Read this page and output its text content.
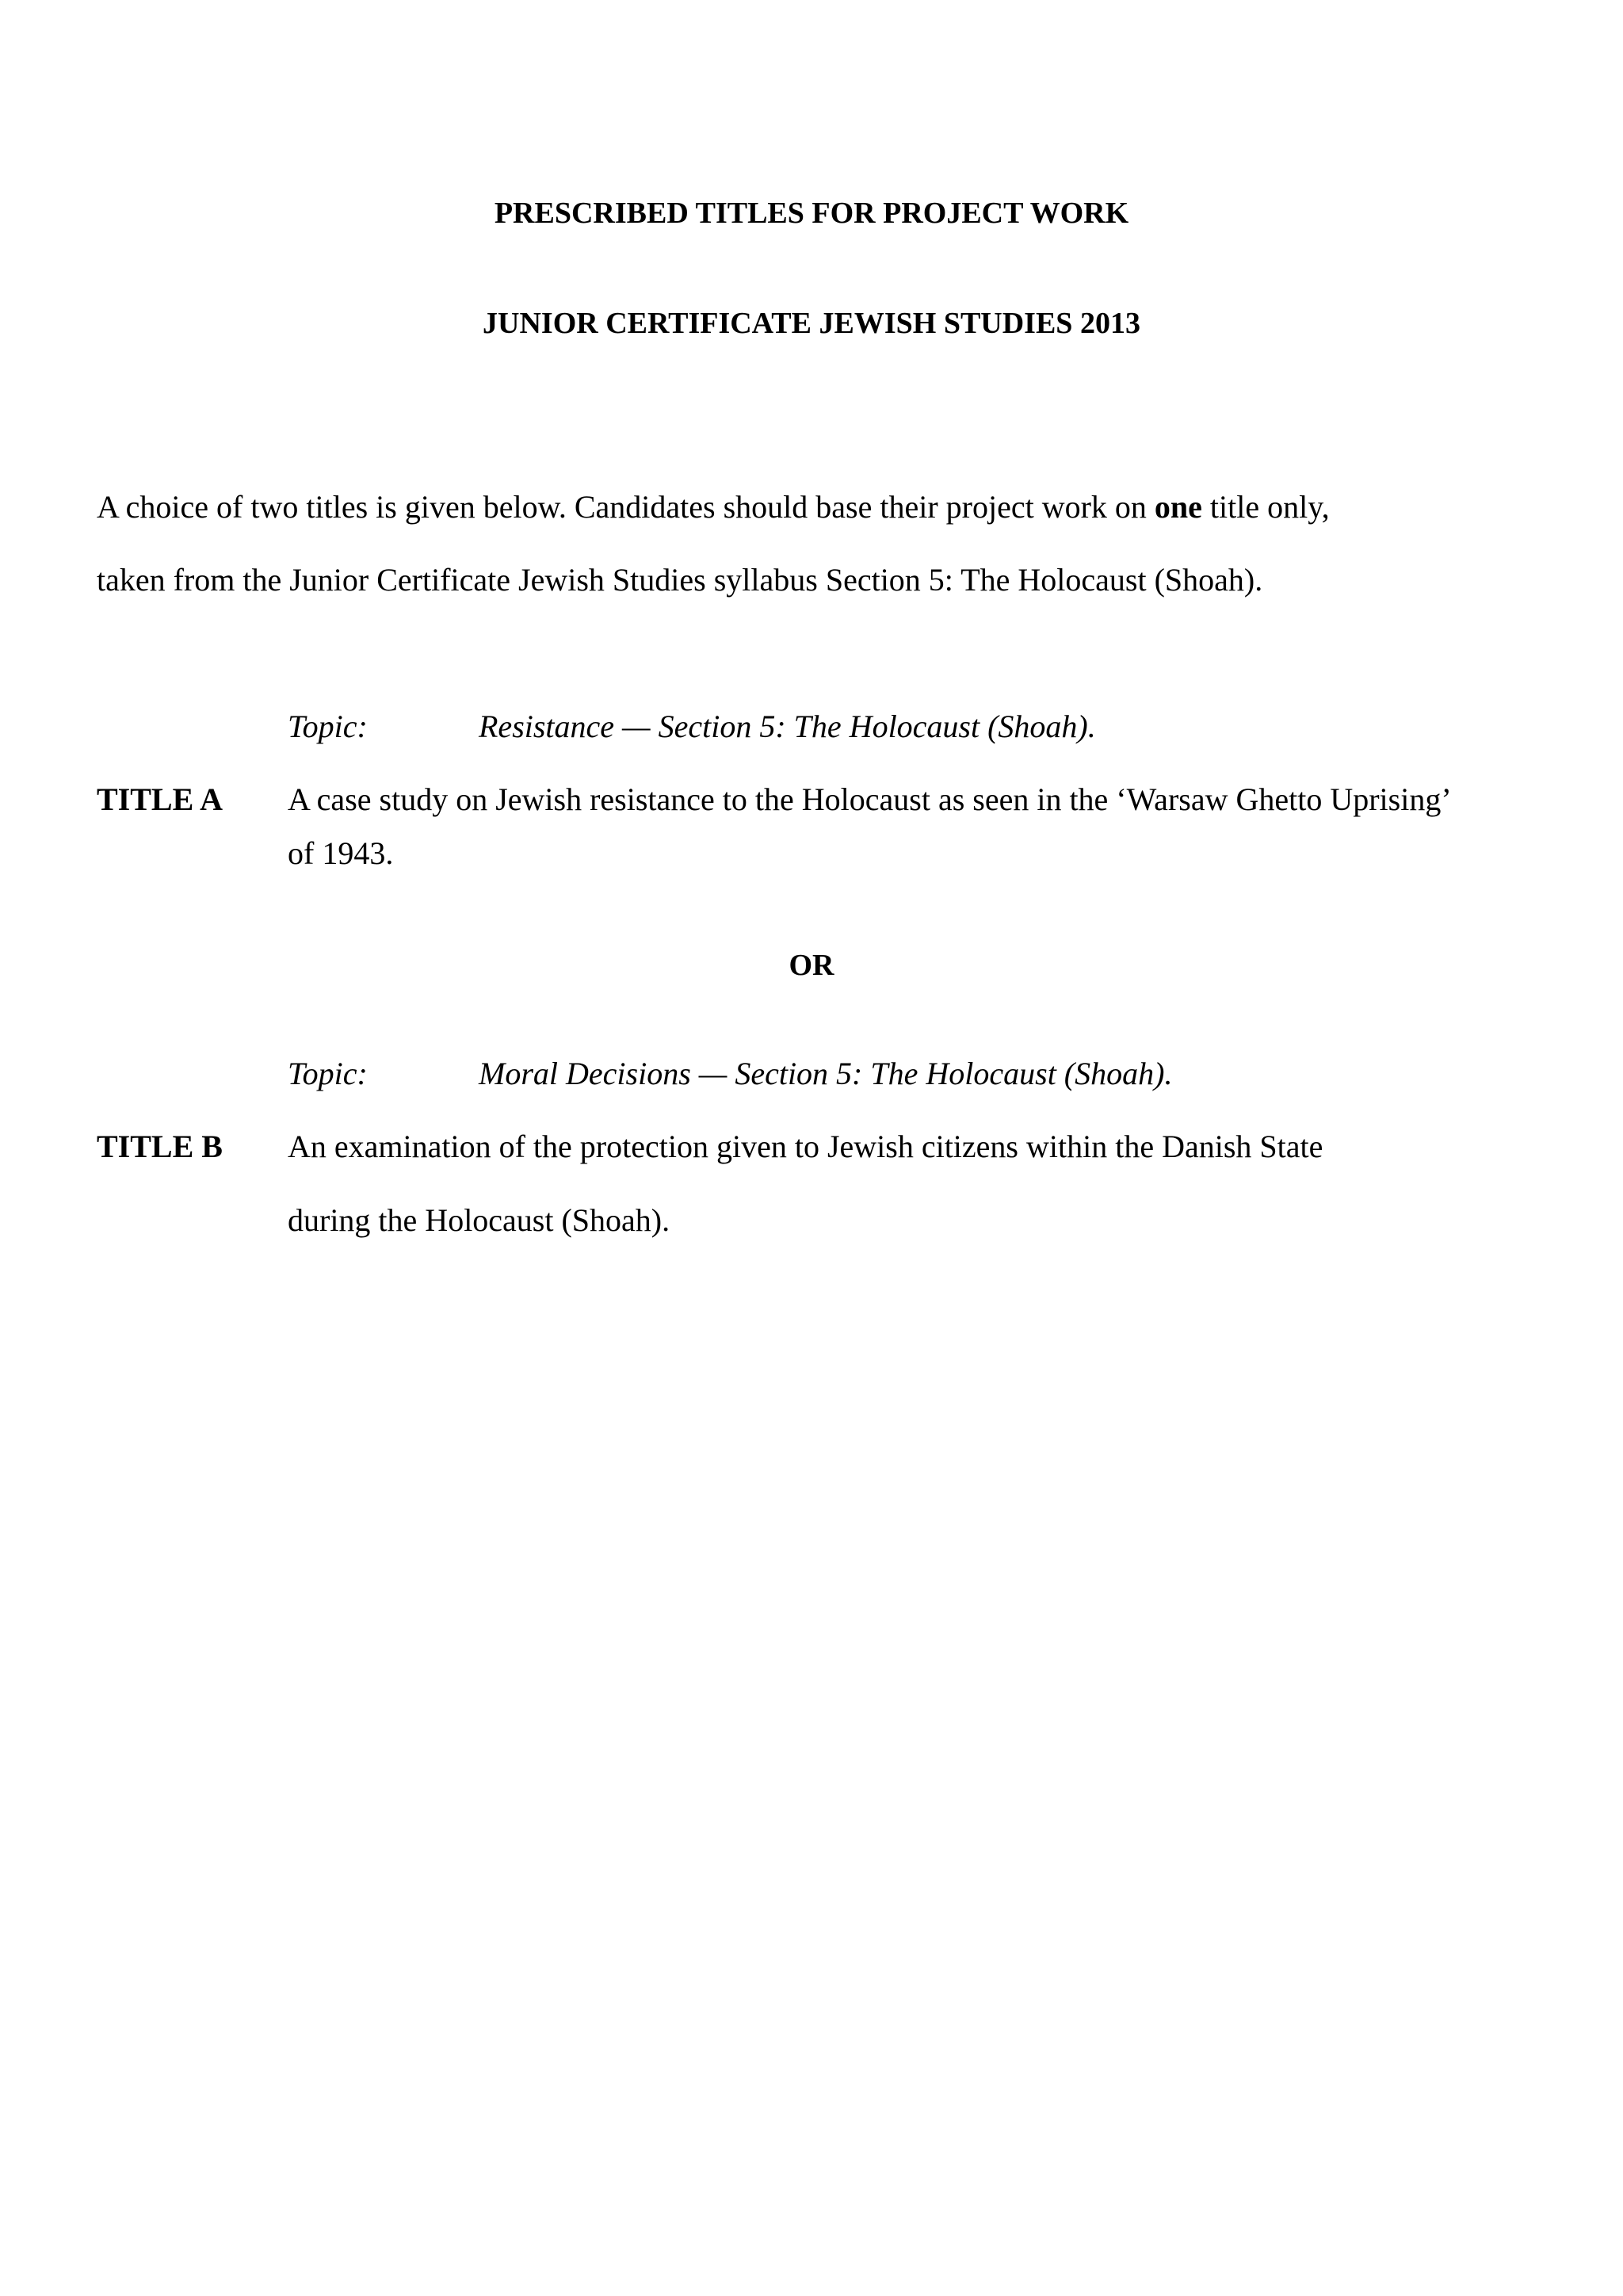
PRESCRIBED TITLES FOR PROJECT WORK
JUNIOR CERTIFICATE JEWISH STUDIES 2013

A choice of two titles is given below. Candidates should base their project work on one title only,

taken from the Junior Certificate Jewish Studies syllabus Section 5: The Holocaust (Shoah).

Topic:	Resistance — Section 5: The Holocaust (Shoah).
TITLE A A case study on Jewish resistance to the Holocaust as seen in the ‘Warsaw Ghetto Uprising’
of 1943.
OR
Topic:	Moral Decisions — Section 5: The Holocaust (Shoah).
TITLE B An examination of the protection given to Jewish citizens within the Danish State
during the Holocaust (Shoah).
